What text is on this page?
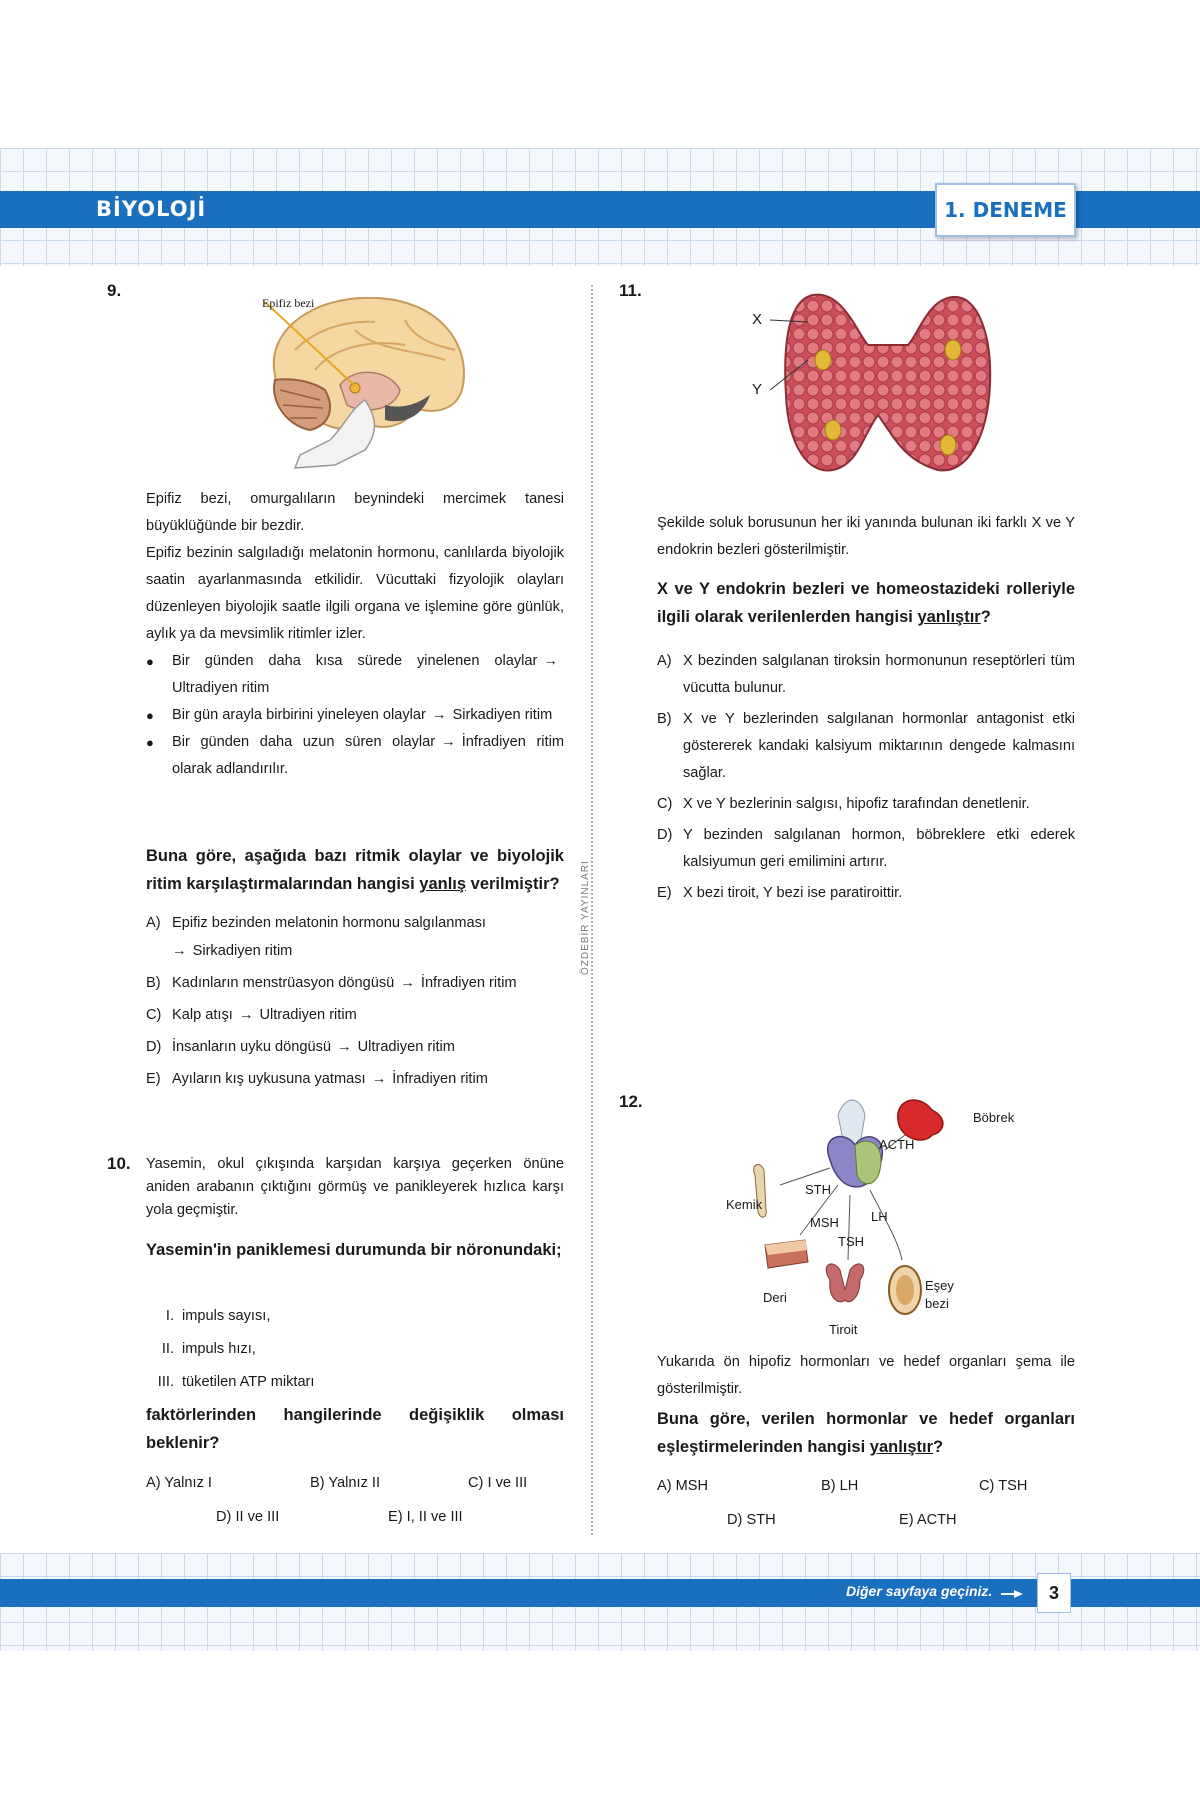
BİYOLOJİ	1. DENEME
ÖZDEBİR YAYINLARI
9.
Epifiz bezi

Epifiz bezi, omurgalıların beynindeki mercimek tanesi büyüklüğünde bir bezdir.

Epifiz bezinin salgıladığı melatonin hormonu, canlılarda biyolojik saatin ayarlanmasında etkilidir. Vücuttaki fizyolojik olayları düzenleyen biyolojik saatle ilgili organa ve işlemine göre günlük, aylık ya da mevsimlik ritimler izler.

●	Bir günden daha kısa sürede yinelenen olaylar →Ultradiyen ritim
●	Bir gün arayla birbirini yineleyen olaylar → Sirkadiyen ritim
●	Bir günden daha uzun süren olaylar → İnfradiyen ritim olarak adlandırılır.
Buna göre, aşağıda bazı ritmik olaylar ve biyolojik ritim karşılaştırmalarından hangisi yanlış verilmiştir?
A) Epifiz bezinden melatonin hormonu salgılanması
→ Sirkadiyen ritim
B) Kadınların menstrüasyon döngüsü → İnfradiyen ritim
C) Kalp atışı → Ultradiyen ritim
D) İnsanların uyku döngüsü → Ultradiyen ritim
E) Ayıların kış uykusuna yatması → İnfradiyen ritim
10. Yasemin, okul çıkışında karşıdan karşıya geçerken önüne aniden arabanın çıktığını görmüş ve panikleyerek hızlıca karşı yola geçmiştir.
Yasemin'in paniklemesi durumunda bir nöronundaki;
I. impuls sayısı,
II. impuls hızı,
III. tüketilen ATP miktarı
faktörlerinden hangilerinde değişiklik olması beklenir?
A) Yalnız I	B) Yalnız II	C) I ve III
D) II ve III	E) I, II ve III
11.
X
Y
Şekilde soluk borusunun her iki yanında bulunan iki farklı X ve Y endokrin bezleri gösterilmiştir.
X ve Y endokrin bezleri ve homeostazideki rolleriyle ilgili olarak verilenlerden hangisi yanlıştır?
A) X bezinden salgılanan tiroksin hormonunun reseptörleri tüm vücutta bulunur.
B) X ve Y bezlerinden salgılanan hormonlar antagonist etki göstererek kandaki kalsiyum miktarının dengede kalmasını sağlar.
C) X ve Y bezlerinin salgısı, hipofiz tarafından denetlenir.
D) Y bezinden salgılanan hormon, böbreklere etki ederek kalsiyumun geri emilimini artırır.
E) X bezi tiroit, Y bezi ise paratiroittir.
12.
Böbrek
ACTH
STH
Kemik
MSH LH
TSH
Deri
Eşey
bezi
Tiroit
Yukarıda ön hipofiz hormonları ve hedef organları şema ile gösterilmiştir.
Buna göre, verilen hormonlar ve hedef organları eşleştirmelerinden hangisi yanlıştır?
A) MSH	B) LH	C) TSH
D) STH	E) ACTH
Diğer sayfaya geçiniz.	3
